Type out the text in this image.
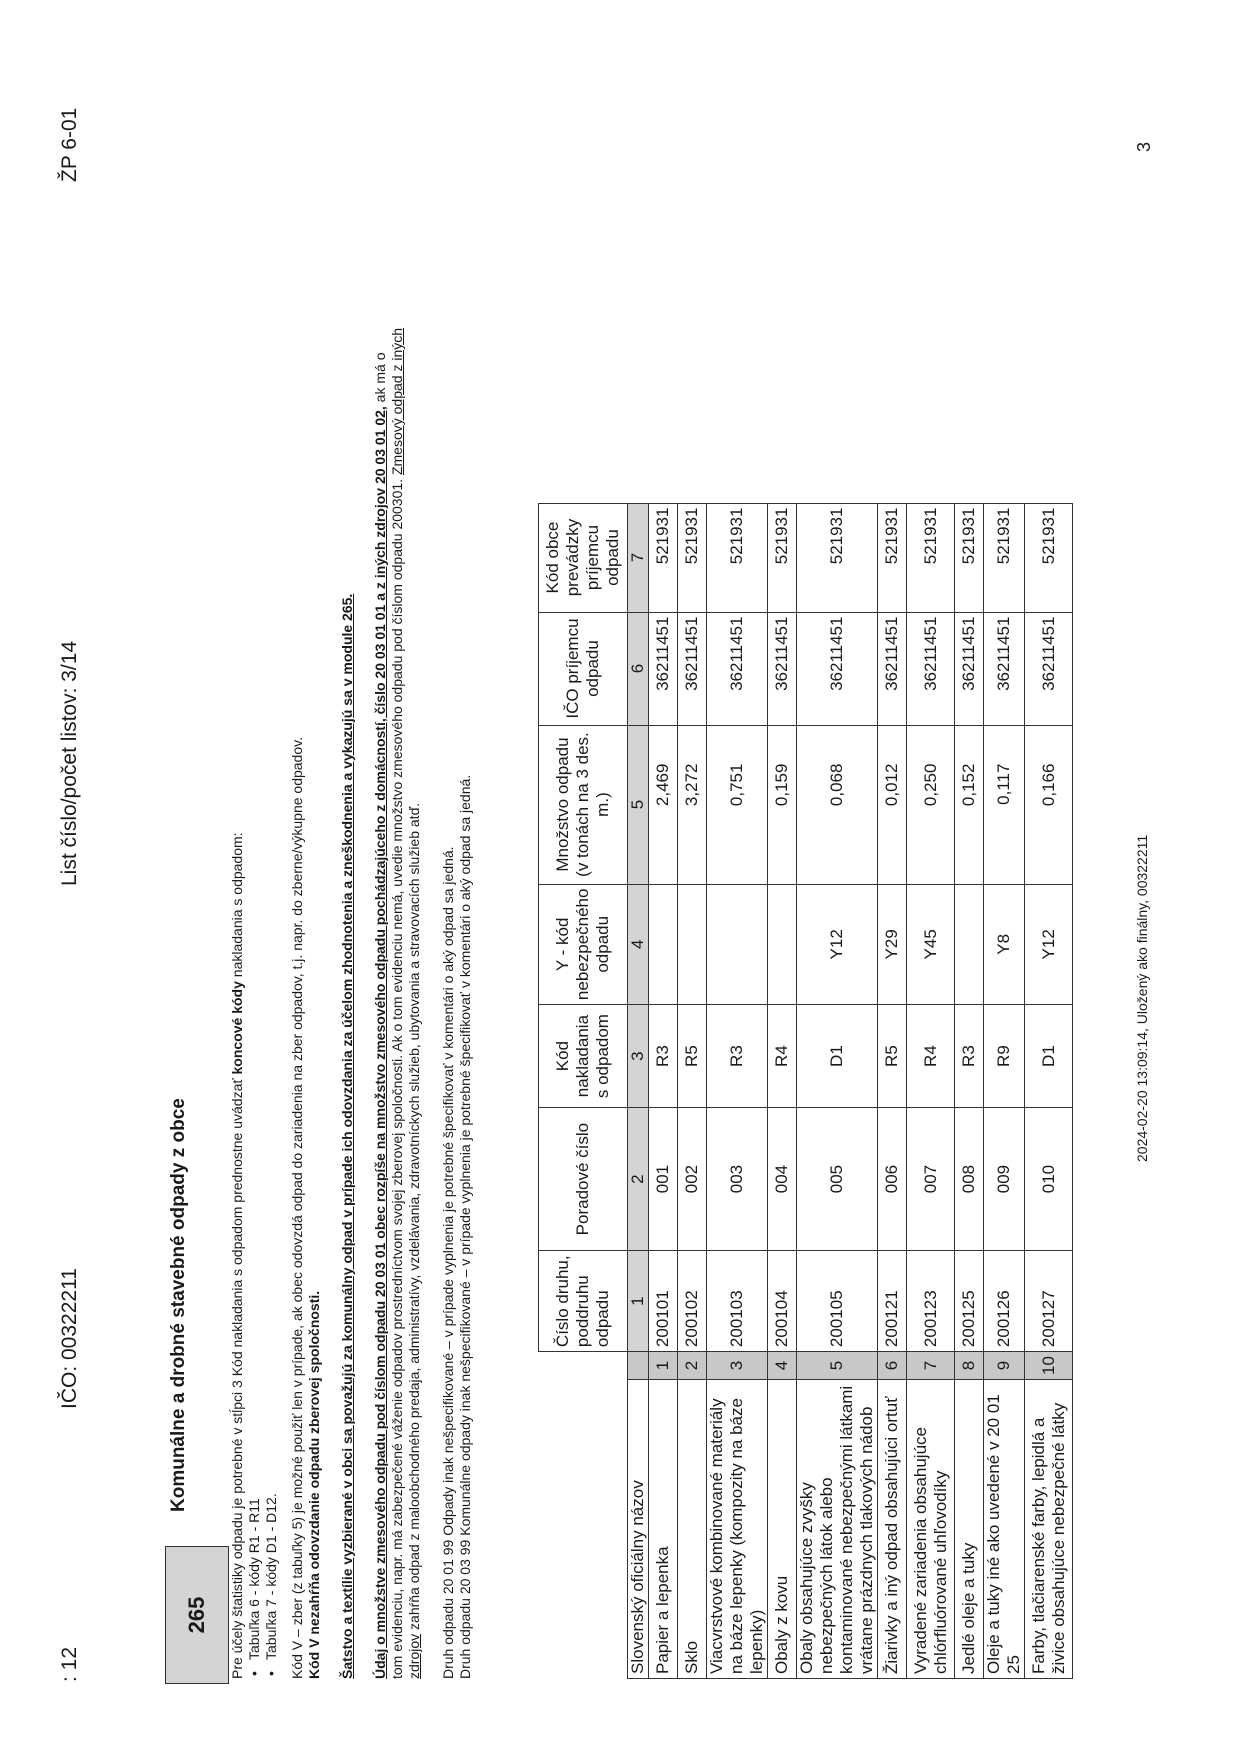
: 12
IČO: 00322211
List číslo/počet listov: 3/14
ŽP 6-01
265
Komunálne a drobné stavebné odpady z obce	Pre účely štatistiky odpadu je potrebné v stĺpci 3 Kód nakladania s odpadom prednostne uvádzať koncové kódy nakladania s odpadom:
• Tabuľka 6 - kódy R1 - R11 • Tabuľka 7 - kódy D1 - D12. Kód V – zber (z tabuľky 5) je možné použiť len v prípade, ak obec odovzdá odpad do zariadenia na zber odpadov, t.j. napr. do zberne/výkupne odpadov. Kód V nezahŕňa odovzdanie odpadu zberovej spoločnosti. Šatstvo a textílie vyzbierané v obci sa považujú za komunálny odpad v prípade ich odovzdania za účelom zhodnotenia a zneškodnenia a vykazujú sa v module 265. Údaj o množstve zmesového odpadu pod číslom odpadu 20 03 01 obec rozpíše na množstvo zmesového odpadu pochádzajúceho z domácností, číslo 20 03 01 01 a z iných zdrojov 20 03 01 02, ak má o
tom evidenciu, napr. má zabezpečené váženie odpadov prostredníctvom svojej zberovej spoločnosti. Ak o tom evidenciu nemá, uvedie množstvo zmesového odpadu pod číslom odpadu 200301. Zmesový odpad z iných
zdrojov zahŕňa odpad z maloobchodného predaja, administratívy, vzdelávania, zdravotníckych služieb, ubytovania a stravovacích služieb atď. Druh odpadu 20 01 99 Odpady inak nešpecifikované – v prípade vyplnenia je potrebné špecifikovať v komentári o aký odpad sa jedná. Druh odpadu 20 03 99 Komunálne odpady inak nešpecifikované – v prípade vyplnenia je potrebné špecifikovať v komentári o aký odpad sa jedná.
		Číslo druhu, poddruhu odpadu	Poradové číslo	Kód nakladania s odpadom	Y - kód nebezpečného odpadu	Množstvo odpadu (v tonách na 3 des. m.)	IČO príjemcu odpadu	Kód obce prevádzky príjemcu odpadu
Slovenský oficiálny názov		1	2	3	4	5	6	7
Papier a lepenka	1	200101	001	R3		2,469	36211451	521931
Sklo	2	200102	002	R5		3,272	36211451	521931
Viacvrstvové kombinované materiály na báze lepenky (kompozity na báze lepenky)	3	200103	003	R3		0,751	36211451	521931
Obaly z kovu	4	200104	004	R4		0,159	36211451	521931
Obaly obsahujúce zvyšky nebezpečných látok alebo kontaminované nebezpečnými látkami vrátane prázdnych tlakových nádob	5	200105	005	D1	Y12	0,068	36211451	521931
Žiarivky a iný odpad obsahujúci ortuť	6	200121	006	R5	Y29	0,012	36211451	521931
Vyradené zariadenia obsahujúce chlórfluórované uhľovodíky	7	200123	007	R4	Y45	0,250	36211451	521931
Jedlé oleje a tuky	8	200125	008	R3		0,152	36211451	521931
Oleje a tuky iné ako uvedené v 20 01 25	9	200126	009	R9	Y8	0,117	36211451	521931
Farby, tlačiarenské farby, lepidlá a živice obsahujúce nebezpečné látky	10	200127	010	D1	Y12	0,166	36211451	521931
2024-02-20 13:09:14, Uložený ako finálny, 00322211
3
